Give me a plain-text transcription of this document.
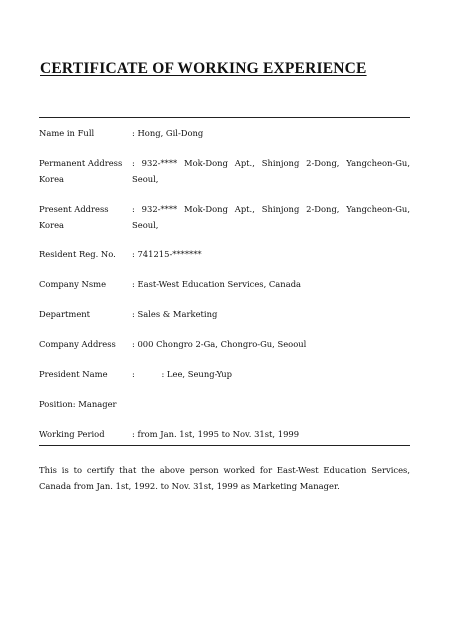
CERTIFICATE OF WORKING EXPERIENCE
Name in Full	: Hong, Gil-Dong
Permanent Address : 932-**** Mok-Dong Apt., Shinjong 2-Dong, Yangcheon-Gu, Seoul,
Korea
Present Address	: 932-**** Mok-Dong Apt., Shinjong 2-Dong, Yangcheon-Gu, Seoul,
Korea
Resident Reg. No. : 741215-*******
Company Nsme	: East-West Education Services, Canada
Department	: Sales & Marketing
Company Address : 000 Chongro 2-Ga, Chongro-Gu, Seooul
President Name	:          : Lee, Seung-Yup
Position: Manager
Working Period	: from Jan. 1st, 1995 to Nov. 31st, 1999
This is to certify that the above person worked for East-West Education Services, Canada from Jan. 1st, 1992. to Nov. 31st, 1999 as Marketing Manager.
